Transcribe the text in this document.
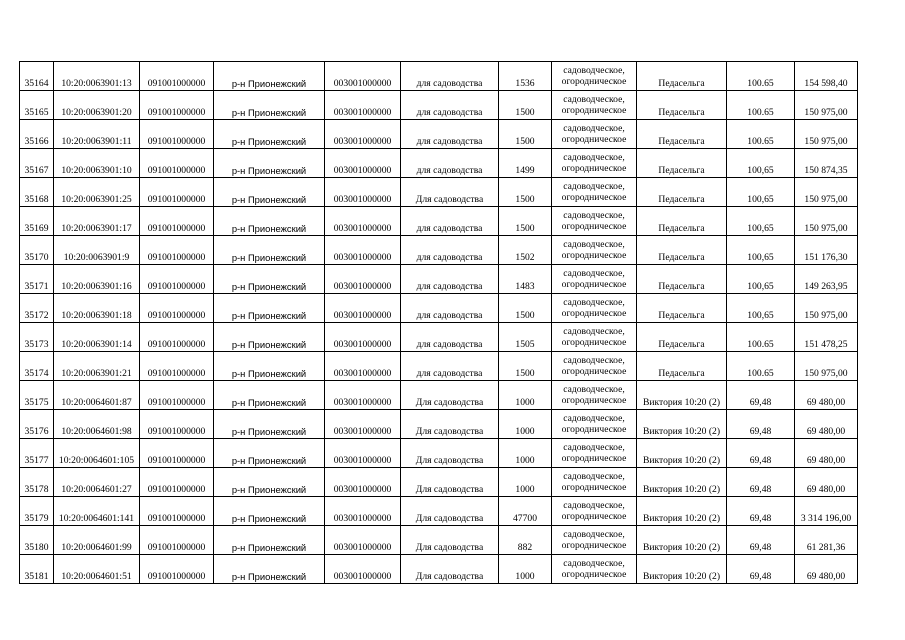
35164	10:20:0063901:13	091001000000	р-н Прионежский	003001000000	для садоводства	1536	садоводческое,
огородническое	Педасельга	100.65	154 598,40
35165	10:20:0063901:20	091001000000	р-н Прионежский	003001000000	для садоводства	1500	садоводческое,
огородническое	Педасельга	100.65	150 975,00
35166	10:20:0063901:11	091001000000	р-н Прионежский	003001000000	для садоводства	1500	садоводческое,
огородническое	Педасельга	100.65	150 975,00
35167	10:20:0063901:10	091001000000	р-н Прионежский	003001000000	для садоводства	1499	садоводческое,
огородническое	Педасельга	100,65	150 874,35
35168	10:20:0063901:25	091001000000	р-н Прионежский	003001000000	Для садоводства	1500	садоводческое,
огородническое	Педасельга	100,65	150 975,00
35169	10:20:0063901:17	091001000000	р-н Прионежский	003001000000	для садоводства	1500	садоводческое,
огородническое	Педасельга	100,65	150 975,00
35170	10:20:0063901:9	091001000000	р-н Прионежский	003001000000	для садоводства	1502	садоводческое,
огородническое	Педасельга	100,65	151 176,30
35171	10:20:0063901:16	091001000000	р-н Прионежский	003001000000	для садоводства	1483	садоводческое,
огородническое	Педасельга	100,65	149 263,95
35172	10:20:0063901:18	091001000000	р-н Прионежский	003001000000	для садоводства	1500	садоводческое,
огородническое	Педасельга	100,65	150 975,00
35173	10:20:0063901:14	091001000000	р-н Прионежский	003001000000	для садоводства	1505	садоводческое,
огородническое	Педасельга	100.65	151 478,25
35174	10:20:0063901:21	091001000000	р-н Прионежский	003001000000	для садоводства	1500	садоводческое,
огородническое	Педасельга	100.65	150 975,00
35175	10:20:0064601:87	091001000000	р-н Прионежский	003001000000	Для садоводства	1000	садоводческое,
огородническое	Виктория 10:20 (2)	69,48	69 480,00
35176	10:20:0064601:98	091001000000	р-н Прионежский	003001000000	Для садоводства	1000	садоводческое,
огородническое	Виктория 10:20 (2)	69,48	69 480,00
35177	10:20:0064601:105	091001000000	р-н Прионежский	003001000000	Для садоводства	1000	садоводческое,
огородническое	Виктория 10:20 (2)	69,48	69 480,00
35178	10:20:0064601:27	091001000000	р-н Прионежский	003001000000	Для садоводства	1000	садоводческое,
огородническое	Виктория 10:20 (2)	69,48	69 480,00
35179	10:20:0064601:141	091001000000	р-н Прионежский	003001000000	Для садоводства	47700	садоводческое,
огородническое	Виктория 10:20 (2)	69,48	3 314 196,00
35180	10:20:0064601:99	091001000000	р-н Прионежский	003001000000	Для садоводства	882	садоводческое,
огородническое	Виктория 10:20 (2)	69,48	61 281,36
35181	10:20:0064601:51	091001000000	р-н Прионежский	003001000000	Для садоводства	1000	садоводческое,
огородническое	Виктория 10:20 (2)	69,48	69 480,00
